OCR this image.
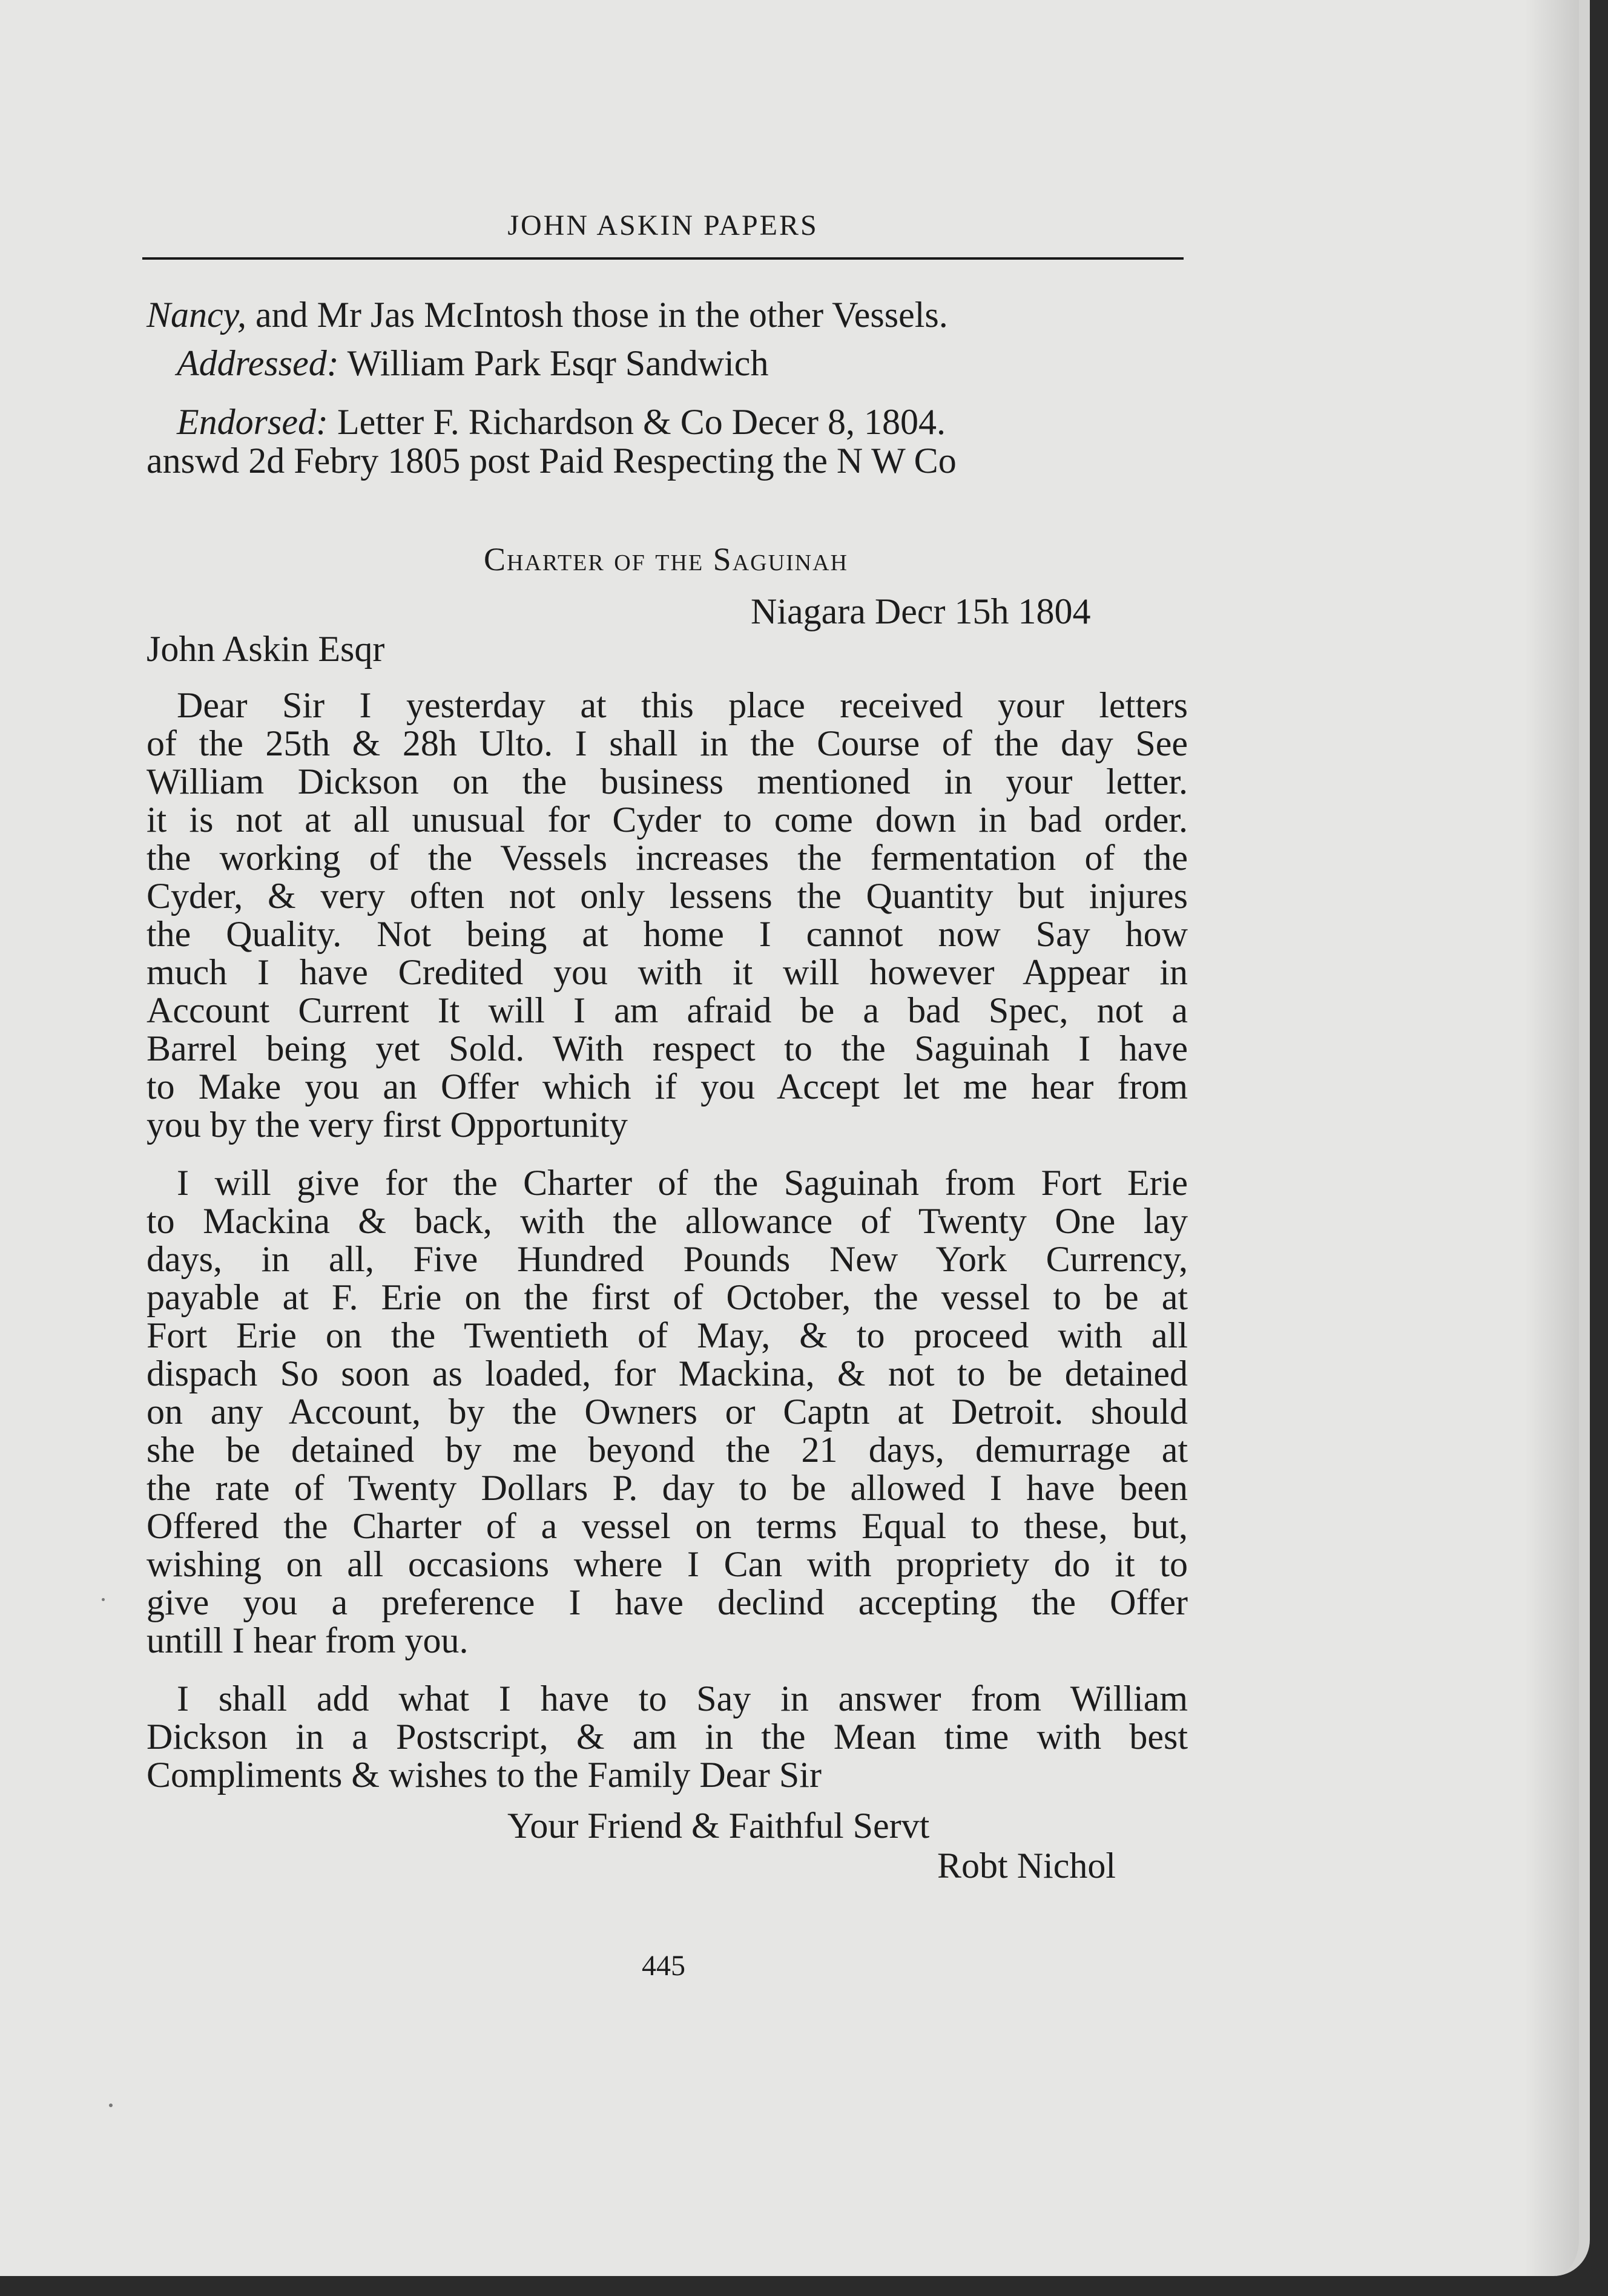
JOHN ASKIN PAPERS
Nancy, and Mr Jas McIntosh those in the other Vessels.
Addressed: William Park Esqr Sandwich
Endorsed: Letter F. Richardson & Co Decer 8, 1804.
answd 2d Febry 1805 post Paid Respecting the N W Co
Charter of the Saguinah
Niagara Decr 15h 1804
John Askin Esqr
Dear Sir I yesterday at this place received your letters
of the 25th & 28h Ulto. I shall in the Course of the day See
William Dickson on the business mentioned in your letter.
it is not at all unusual for Cyder to come down in bad order.
the working of the Vessels increases the fermentation of the
Cyder, & very often not only lessens the Quantity but injures
the Quality. Not being at home I cannot now Say how
much I have Credited you with it will however Appear in
Account Current It will I am afraid be a bad Spec, not a
Barrel being yet Sold. With respect to the Saguinah I have
to Make you an Offer which if you Accept let me hear from
you by the very first Opportunity
I will give for the Charter of the Saguinah from Fort Erie
to Mackina & back, with the allowance of Twenty One lay
days, in all, Five Hundred Pounds New York Currency,
payable at F. Erie on the first of October, the vessel to be at
Fort Erie on the Twentieth of May, & to proceed with all
dispach So soon as loaded, for Mackina, & not to be detained
on any Account, by the Owners or Captn at Detroit. should
she be detained by me beyond the 21 days, demurrage at
the rate of Twenty Dollars P. day to be allowed I have been
Offered the Charter of a vessel on terms Equal to these, but,
wishing on all occasions where I Can with propriety do it to
give you a preference I have declind accepting the Offer
untill I hear from you.
I shall add what I have to Say in answer from William
Dickson in a Postscript, & am in the Mean time with best
Compliments & wishes to the Family Dear Sir
Your Friend & Faithful Servt
Robt Nichol
445
